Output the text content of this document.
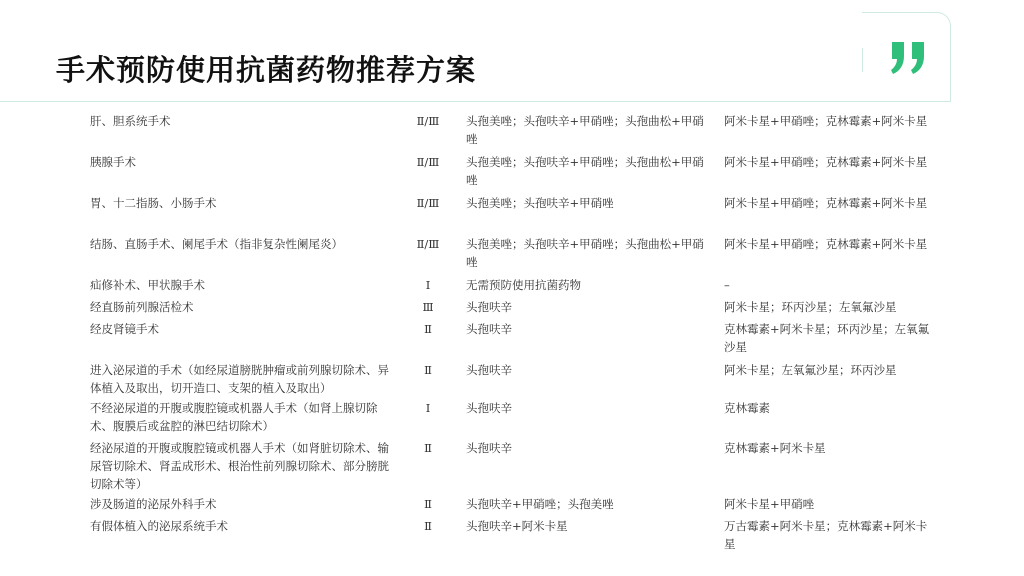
手术预防使用抗菌药物推荐方案
肝、胆系统手术	Ⅱ/Ⅲ	头孢美唑；头孢呋辛+甲硝唑；头孢曲松+甲硝唑	阿米卡星+甲硝唑；克林霉素+阿米卡星
胰腺手术	Ⅱ/Ⅲ	头孢美唑；头孢呋辛+甲硝唑；头孢曲松+甲硝唑	阿米卡星+甲硝唑；克林霉素+阿米卡星
胃、十二指肠、小肠手术	Ⅱ/Ⅲ	头孢美唑；头孢呋辛+甲硝唑	阿米卡星+甲硝唑；克林霉素+阿米卡星
结肠、直肠手术、阑尾手术（指非复杂性阑尾炎）	Ⅱ/Ⅲ	头孢美唑；头孢呋辛+甲硝唑；头孢曲松+甲硝唑	阿米卡星+甲硝唑；克林霉素+阿米卡星
疝修补术、甲状腺手术	Ⅰ	无需预防使用抗菌药物	–
经直肠前列腺活检术	Ⅲ	头孢呋辛	阿米卡星；环丙沙星；左氧氟沙星
经皮肾镜手术	Ⅱ	头孢呋辛	克林霉素+阿米卡星；环丙沙星；左氧氟沙星
进入泌尿道的手术（如经尿道膀胱肿瘤或前列腺切除术、异体植入及取出，切开造口、支架的植入及取出）	Ⅱ	头孢呋辛	阿米卡星；左氧氟沙星；环丙沙星
不经泌尿道的开腹或腹腔镜或机器人手术（如肾上腺切除术、腹膜后或盆腔的淋巴结切除术）	Ⅰ	头孢呋辛	克林霉素
经泌尿道的开腹或腹腔镜或机器人手术（如肾脏切除术、输尿管切除术、肾盂成形术、根治性前列腺切除术、部分膀胱切除术等）	Ⅱ	头孢呋辛	克林霉素+阿米卡星
涉及肠道的泌尿外科手术	Ⅱ	头孢呋辛+甲硝唑；头孢美唑	阿米卡星+甲硝唑
有假体植入的泌尿系统手术	Ⅱ	头孢呋辛+阿米卡星	万古霉素+阿米卡星；克林霉素+阿米卡星
